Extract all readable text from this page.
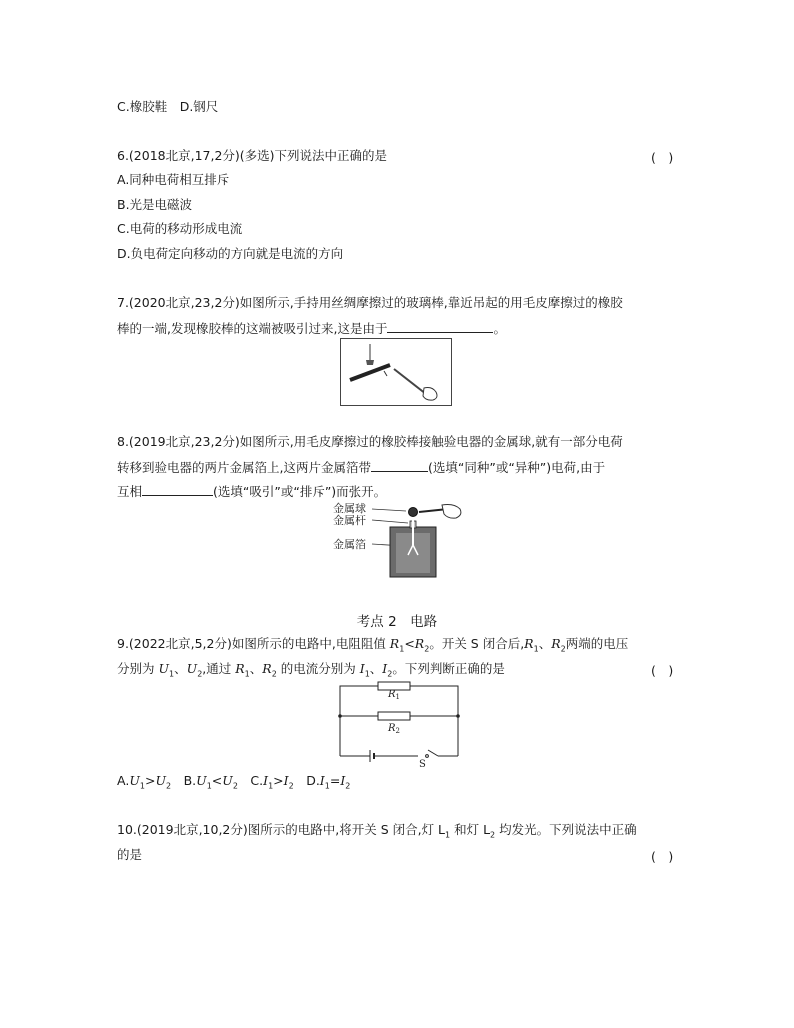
C.橡胶鞋　D.钢尺
6.(2018北京,17,2分)(多选)下列说法中正确的是	(　)
A.同种电荷相互排斥
B.光是电磁波
C.电荷的移动形成电流
D.负电荷定向移动的方向就是电流的方向
7.(2020北京,23,2分)如图所示,手持用丝绸摩擦过的玻璃棒,靠近吊起的用毛皮摩擦过的橡胶
棒的一端,发现橡胶棒的这端被吸引过来,这是由于	。
8.(2019北京,23,2分)如图所示,用毛皮摩擦过的橡胶棒接触验电器的金属球,就有一部分电荷
转移到验电器的两片金属箔上,这两片金属箔带	(选填“同种”或“异种”)电荷,由于
互相	(选填“吸引”或“排斥”)而张开。
金属球
金属杆
金属箔
考点 2　电路
9.(2022北京,5,2分)如图所示的电路中,电阻阻值 $R_1<R_2$。开关 S 闭合后$,R_1$、$R_2$两端的电压
分别为 $U_1$、$U_2$,通过 $R_1$、$R_2$ 的电流分别为 $I_1$、$I_2$。下列判断正确的是	(　)
$R_1$
$R_2$
S
$A.U_1>U_2$　$B.U_1<U_2$　$C.I_1>I_2$　$D.I_1=I_2$
10.(2019北京,10,2分)图所示的电路中,将开关 S 闭合,灯 $L_1$ 和灯 $L_2$ 均发光。下列说法中正确
的是	(　)
